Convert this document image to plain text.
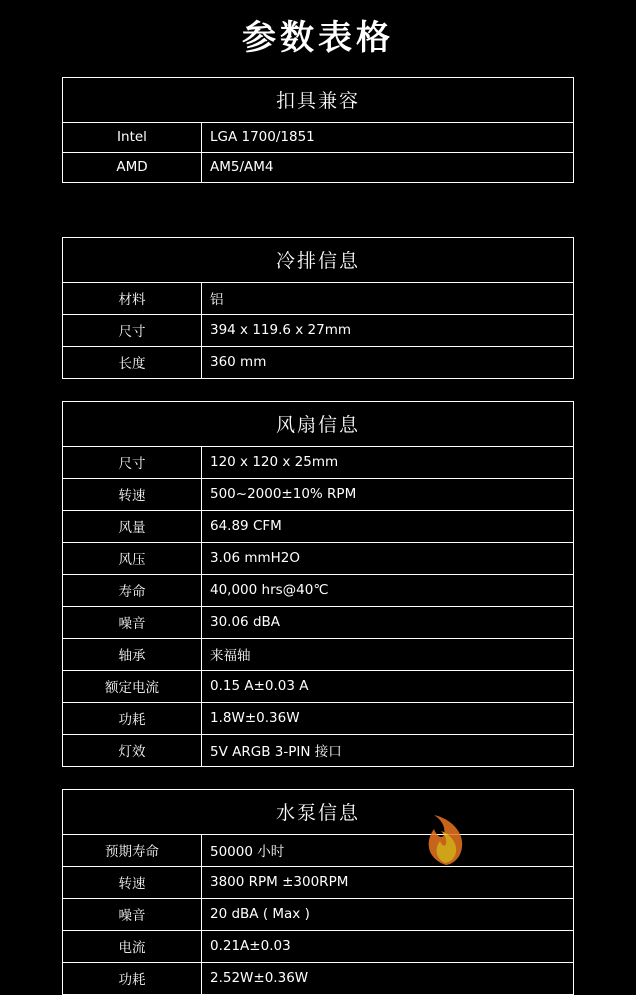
参数表格
扣具兼容
Intel	LGA 1700/1851
AMD	AM5/AM4
冷排信息
材料	铝
尺寸	394 x 119.6 x 27mm
长度	360 mm
风扇信息
尺寸	120 x 120 x 25mm
转速	500~2000±10% RPM
风量	64.89 CFM
风压	3.06 mmH2O
寿命	40,000 hrs@40℃
噪音	30.06 dBA
轴承	来福轴
额定电流	0.15 A±0.03 A
功耗	1.8W±0.36W
灯效	5V ARGB 3-PIN 接口
水泵信息
预期寿命	50000 小时
转速	3800 RPM ±300RPM
噪音	20 dBA ( Max )
电流	0.21A±0.03
功耗	2.52W±0.36W
